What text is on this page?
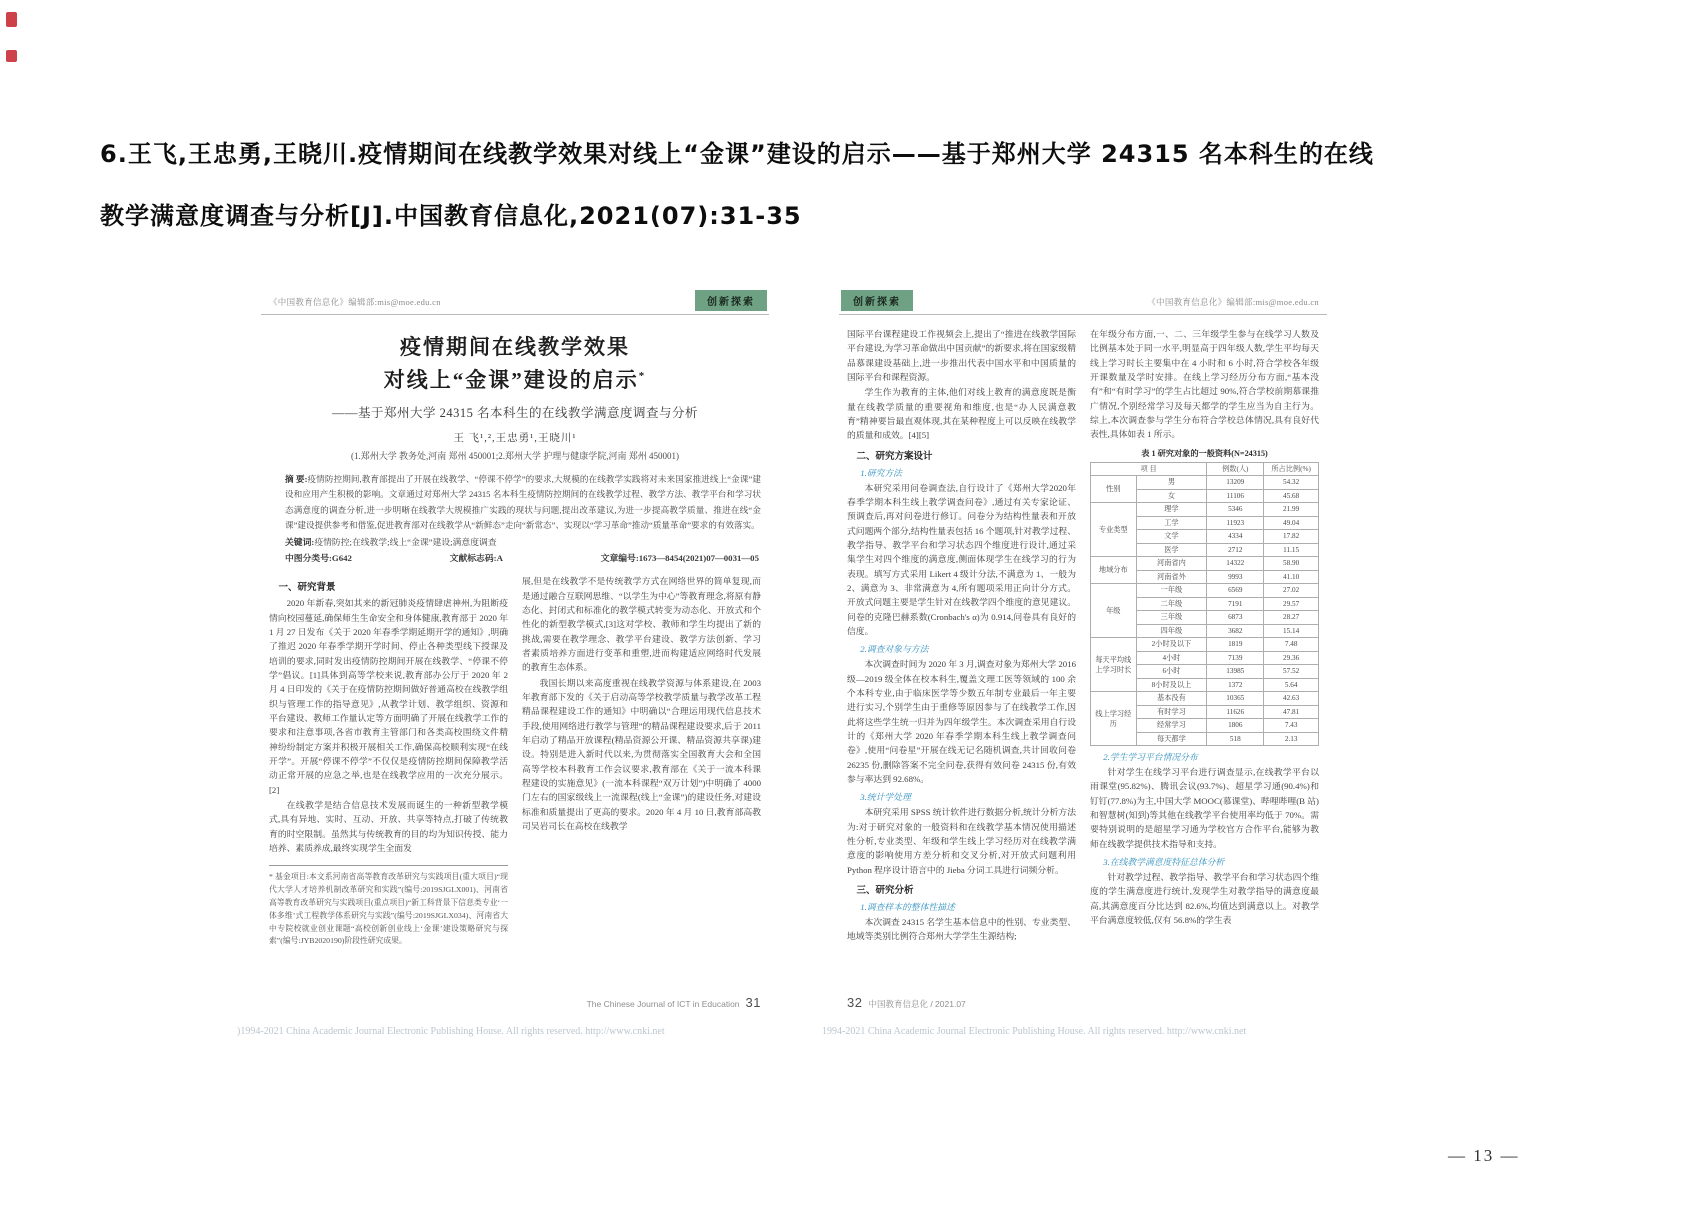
6.王飞,王忠勇,王晓川.疫情期间在线教学效果对线上“金课”建设的启示——基于郑州大学 24315 名本科生的在线
教学满意度调查与分析[J].中国教育信息化,2021(07):31-35
《中国教育信息化》编辑部:mis@moe.edu.cn	创新探索
疫情期间在线教学效果
对线上“金课”建设的启示*
——基于郑州大学 24315 名本科生的在线教学满意度调查与分析
王 飞¹,²,王忠勇¹,王晓川¹
(1.郑州大学 教务处,河南 郑州 450001;2.郑州大学 护理与健康学院,河南 郑州 450001)
摘 要:疫情防控期间,教育部提出了开展在线教学、“停课不停学”的要求,大规模的在线教学实践将对未来国家推进线上“金课”建设和应用产生积极的影响。文章通过对郑州大学 24315 名本科生疫情防控期间的在线教学过程、教学方法、教学平台和学习状态满意度的调查分析,进一步明晰在线教学大规模推广实践的现状与问题,提出改革建议,为进一步提高教学质量、推进在线“金课”建设提供参考和借鉴,促进教育部对在线教学从“新鲜态”走向“新常态”、实现以“学习革命”推动“质量革命”要求的有效落实。
关键词:疫情防控;在线教学;线上“金课”建设;满意度调查
中图分类号:G642	文献标志码:A	文章编号:1673—8454(2021)07—0031—05
一、研究背景

2020 年新春,突如其来的新冠肺炎疫情肆虐神州,为阻断疫情向校园蔓延,确保师生生命安全和身体健康,教育部于 2020 年 1 月 27 日发布《关于 2020 年春季学期延期开学的通知》,明确了推迟 2020 年春季学期开学时间、停止各种类型线下授课及培训的要求,同时发出疫情防控期间开展在线教学、“停课不停学”倡议。[1]具体到高等学校来说,教育部办公厅于 2020 年 2 月 4 日印发的《关于在疫情防控期间做好普通高校在线教学组织与管理工作的指导意见》,从教学计划、教学组织、资源和平台建设、教师工作量认定等方面明确了开展在线教学工作的要求和注意事项,各省市教育主管部门和各类高校围绕文件精神纷纷制定方案并积极开展相关工作,确保高校顺利实现“在线开学”。开展“停课不停学”不仅仅是疫情防控期间保障教学活动正常开展的应急之举,也是在线教学应用的一次充分展示。[2]

在线教学是结合信息技术发展而诞生的一种新型教学模式,具有异地、实时、互动、开放、共享等特点,打破了传统教育的时空限制。虽然其与传统教育的目的均为知识传授、能力培养、素质养成,最终实现学生全面发

* 基金项目:本文系河南省高等教育改革研究与实践项目(重大项目)“现代大学人才培养机制改革研究和实践”(编号:2019SJGLX001)、河南省高等教育改革研究与实践项目(重点项目)“新工科背景下信息类专业‘一体多维’式工程教学体系研究与实践”(编号:2019SJGLX034)、河南省大中专院校就业创业课题“高校创新创业线上‘金课’建设策略研究与探索”(编号:JYB2020190)阶段性研究成果。

展,但是在线教学不是传统教学方式在网络世界的简单复现,而是通过融合互联网思维、“以学生为中心”等教育理念,将原有静态化、封闭式和标准化的教学模式转变为动态化、开放式和个性化的新型教学模式,[3]这对学校、教师和学生均提出了新的挑战,需要在教学理念、教学平台建设、教学方法创新、学习者素质培养方面进行变革和重塑,进而构建适应网络时代发展的教育生态体系。

我国长期以来高度重视在线教学资源与体系建设,在 2003 年教育部下发的《关于启动高等学校教学质量与教学改革工程精品课程建设工作的通知》中明确以“合理运用现代信息技术手段,使用网络进行教学与管理”的精品课程建设要求,后于 2011 年启动了精品开放课程(精品资源公开课、精品资源共享课)建设。特别是进入新时代以来,为贯彻落实全国教育大会和全国高等学校本科教育工作会议要求,教育部在《关于一流本科课程建设的实施意见》(一流本科课程“双万计划”)中明确了 4000 门左右的国家级线上一流课程(线上“金课”)的建设任务,对建设标准和质量提出了更高的要求。2020 年 4 月 10 日,教育部高教司吴岩司长在高校在线教学

The Chinese Journal of ICT in Education 31
创新探索	《中国教育信息化》编辑部:mis@moe.edu.cn

国际平台课程建设工作视频会上,提出了“推进在线教学国际平台建设,为学习革命做出中国贡献”的新要求,将在国家级精品慕课建设基础上,进一步推出代表中国水平和中国质量的国际平台和课程资源。

学生作为教育的主体,他们对线上教育的满意度既是衡量在线教学质量的重要视角和维度,也是“办人民满意教育”精神要旨最直观体现,其在某种程度上可以反映在线教学的质量和成效。[4][5]

二、研究方案设计
1.研究方法

本研究采用问卷调查法,自行设计了《郑州大学2020年春季学期本科生线上教学调查问卷》,通过有关专家论证、预调查后,再对问卷进行修订。问卷分为结构性量表和开放式问题两个部分,结构性量表包括 16 个题项,针对教学过程、教学指导、教学平台和学习状态四个维度进行设计,通过采集学生对四个维度的满意度,侧面体现学生在线学习的行为表现。填写方式采用 Likert 4 级计分法,不满意为 1、一般为 2、满意为 3、非常满意为 4,所有题项采用正向计分方式。开放式问题主要是学生针对在线教学四个维度的意见建议。问卷的克隆巴赫系数(Cronbach's α)为 0.914,问卷具有良好的信度。

2.调查对象与方法

本次调查时间为 2020 年 3 月,调查对象为郑州大学 2016 级—2019 级全体在校本科生,覆盖文理工医等领域的 100 余个本科专业,由于临床医学等少数五年制专业最后一年主要进行实习,个别学生由于重修等原因参与了在线教学工作,因此将这些学生统一归并为四年级学生。本次调查采用自行设计的《郑州大学 2020 年春季学期本科生线上教学调查问卷》,使用“问卷星”开展在线无记名随机调查,共计回收问卷 26235 份,删除答案不完全问卷,获得有效问卷 24315 份,有效参与率达到 92.68%。

3.统计学处理

本研究采用 SPSS 统计软件进行数据分析,统计分析方法为:对于研究对象的一般资料和在线教学基本情况使用描述性分析,专业类型、年级和学生线上学习经历对在线教学满意度的影响使用方差分析和交叉分析,对开放式问题利用 Python 程序设计语言中的 Jieba 分词工具进行词频分析。

三、研究分析
1.调查样本的整体性描述

本次调查 24315 名学生基本信息中的性别、专业类型、地域等类别比例符合郑州大学学生生源结构;

在年级分布方面,一、二、三年级学生参与在线学习人数及比例基本处于同一水平,明显高于四年级人数,学生平均每天线上学习时长主要集中在 4 小时和 6 小时,符合学校各年级开课数量及学时安排。在线上学习经历分布方面,“基本没有”和“有时学习”的学生占比超过 90%,符合学校前期慕课推广情况,个别经常学习及每天都学的学生应当为自主行为。综上,本次调查参与学生分布符合学校总体情况,具有良好代表性,具体如表 1 所示。

表 1 研究对象的一般资料(N=24315)
项 目		例数(人)	所占比例(%)
性别	男	13209	54.32
	女	11106	45.68
专业类型	理学	5346	21.99
	工学	11923	49.04
	文学	4334	17.82
	医学	2712	11.15
地域分布	河南省内	14322	58.90
	河南省外	9993	41.10
年级	一年级	6569	27.02
	二年级	7191	29.57
	三年级	6873	28.27
	四年级	3682	15.14
每天平均线上学习时长	2小时及以下	1819	7.48
	4小时	7139	29.36
	6小时	13985	57.52
	8小时及以上	1372	5.64
线上学习经历	基本没有	10365	42.63
	有时学习	11626	47.81
	经常学习	1806	7.43
	每天都学	518	2.13
2.学生学习平台情况分布

针对学生在线学习平台进行调查显示,在线教学平台以雨课堂(95.82%)、腾讯会议(93.7%)、超星学习通(90.4%)和钉钉(77.8%)为主,中国大学 MOOC(慕课堂)、哔哩哔哩(B 站)和智慧树(知到)等其他在线教学平台使用率均低于 70%。需要特别说明的是超星学习通为学校官方合作平台,能够为教师在线教学提供技术指导和支持。

3.在线教学满意度特征总体分析

针对教学过程、教学指导、教学平台和学习状态四个维度的学生满意度进行统计,发现学生对教学指导的满意度最高,其满意度百分比达到 82.6%,均值达到满意以上。对教学平台满意度较低,仅有 56.8%的学生表

32 中国教育信息化 / 2021.07
)1994-2021 China Academic Journal Electronic Publishing House. All rights reserved. http://www.cnki.net	1994-2021 China Academic Journal Electronic Publishing House. All rights reserved. http://www.cnki.net
— 13 —
